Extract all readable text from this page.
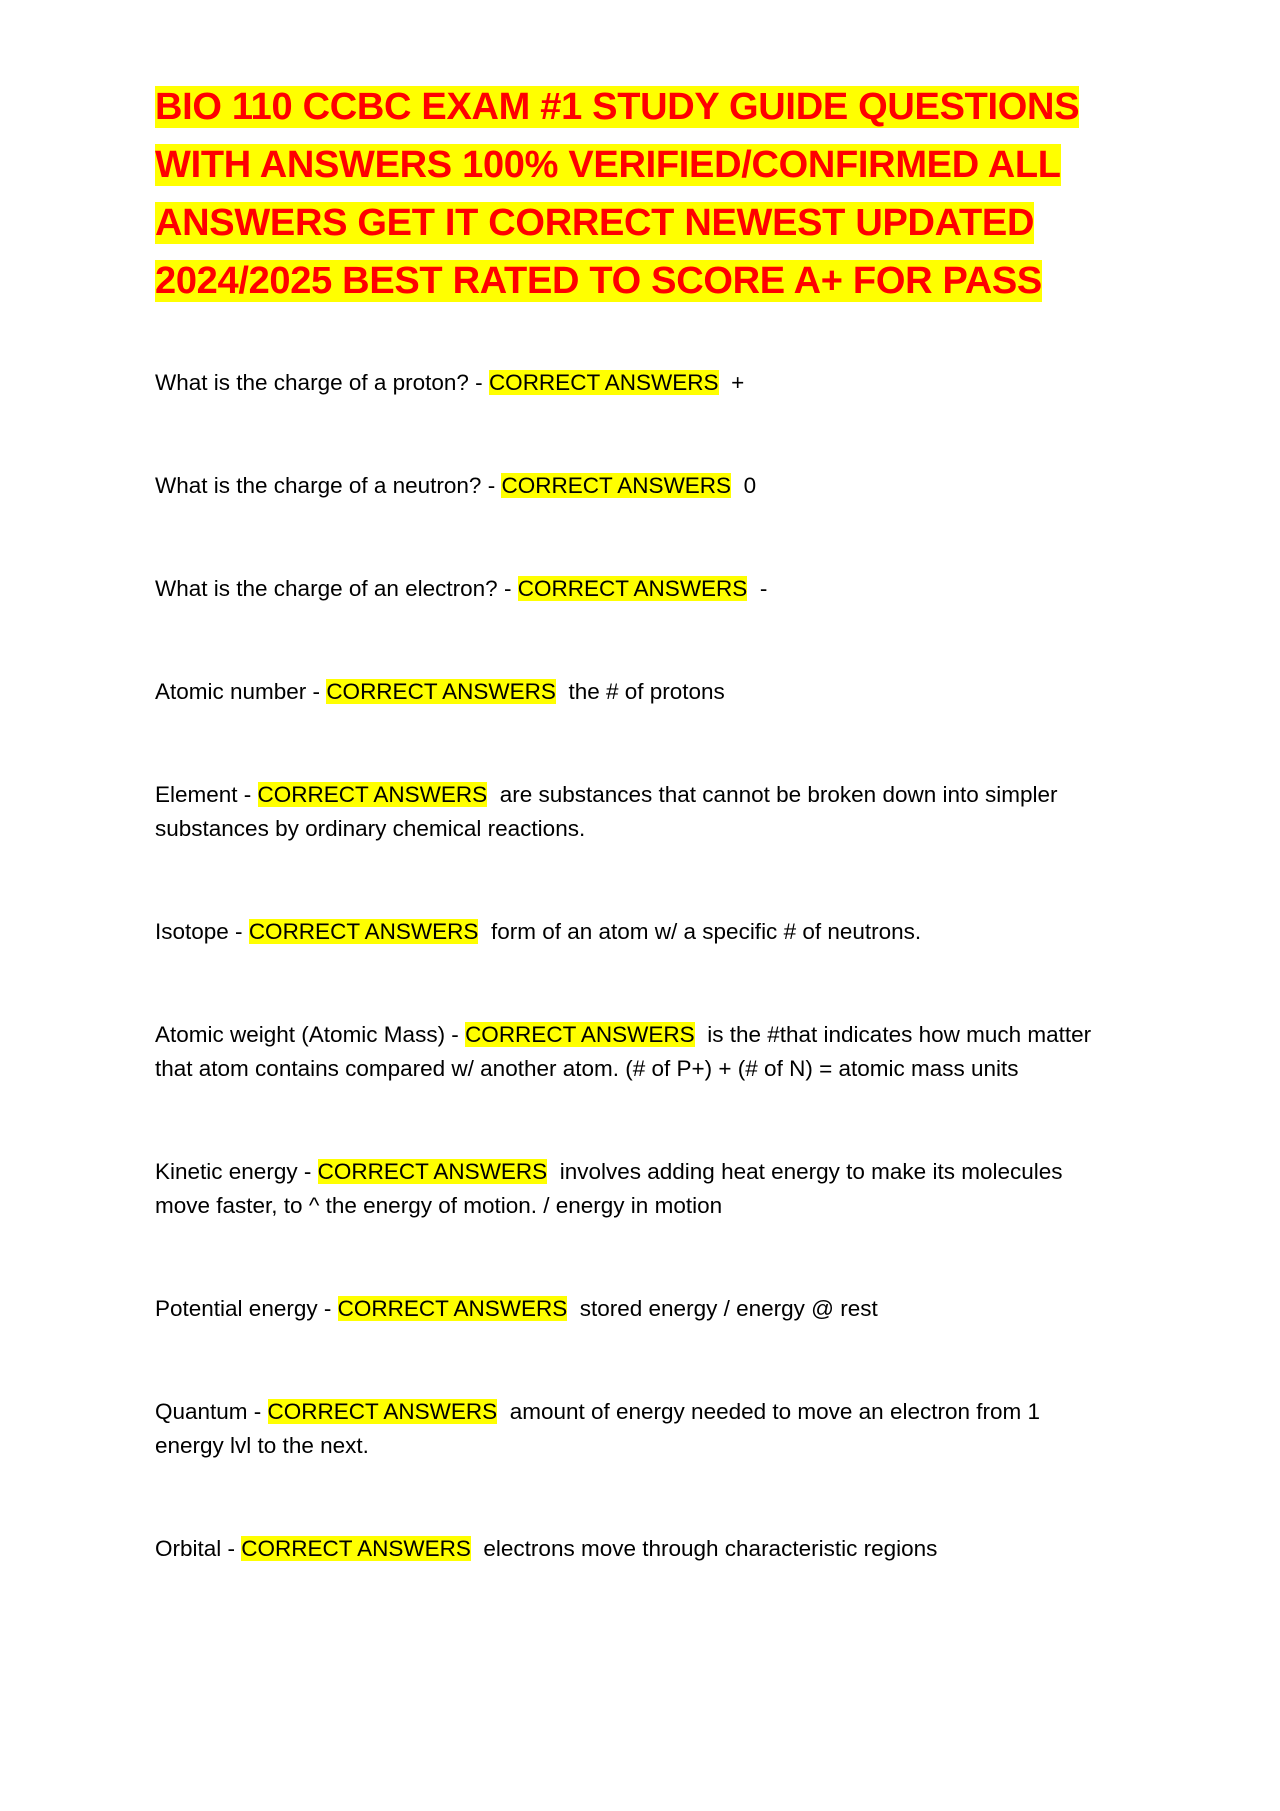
BIO 110 CCBC EXAM #1 STUDY GUIDE QUESTIONS WITH ANSWERS 100% VERIFIED/CONFIRMED ALL ANSWERS GET IT CORRECT NEWEST UPDATED 2024/2025 BEST RATED TO SCORE A+ FOR PASS

What is the charge of a proton? - CORRECT ANSWERS +

What is the charge of a neutron? - CORRECT ANSWERS 0

What is the charge of an electron? - CORRECT ANSWERS -

Atomic number - CORRECT ANSWERS the # of protons

Element - CORRECT ANSWERS are substances that cannot be broken down into simpler substances by ordinary chemical reactions.

Isotope - CORRECT ANSWERS form of an atom w/ a specific # of neutrons.

Atomic weight (Atomic Mass) - CORRECT ANSWERS is the #that indicates how much matter that atom contains compared w/ another atom. (# of P+) + (# of N) = atomic mass units

Kinetic energy - CORRECT ANSWERS involves adding heat energy to make its molecules move faster, to ^ the energy of motion. / energy in motion

Potential energy - CORRECT ANSWERS stored energy / energy @ rest

Quantum - CORRECT ANSWERS amount of energy needed to move an electron from 1 energy lvl to the next.

Orbital - CORRECT ANSWERS electrons move through characteristic regions
